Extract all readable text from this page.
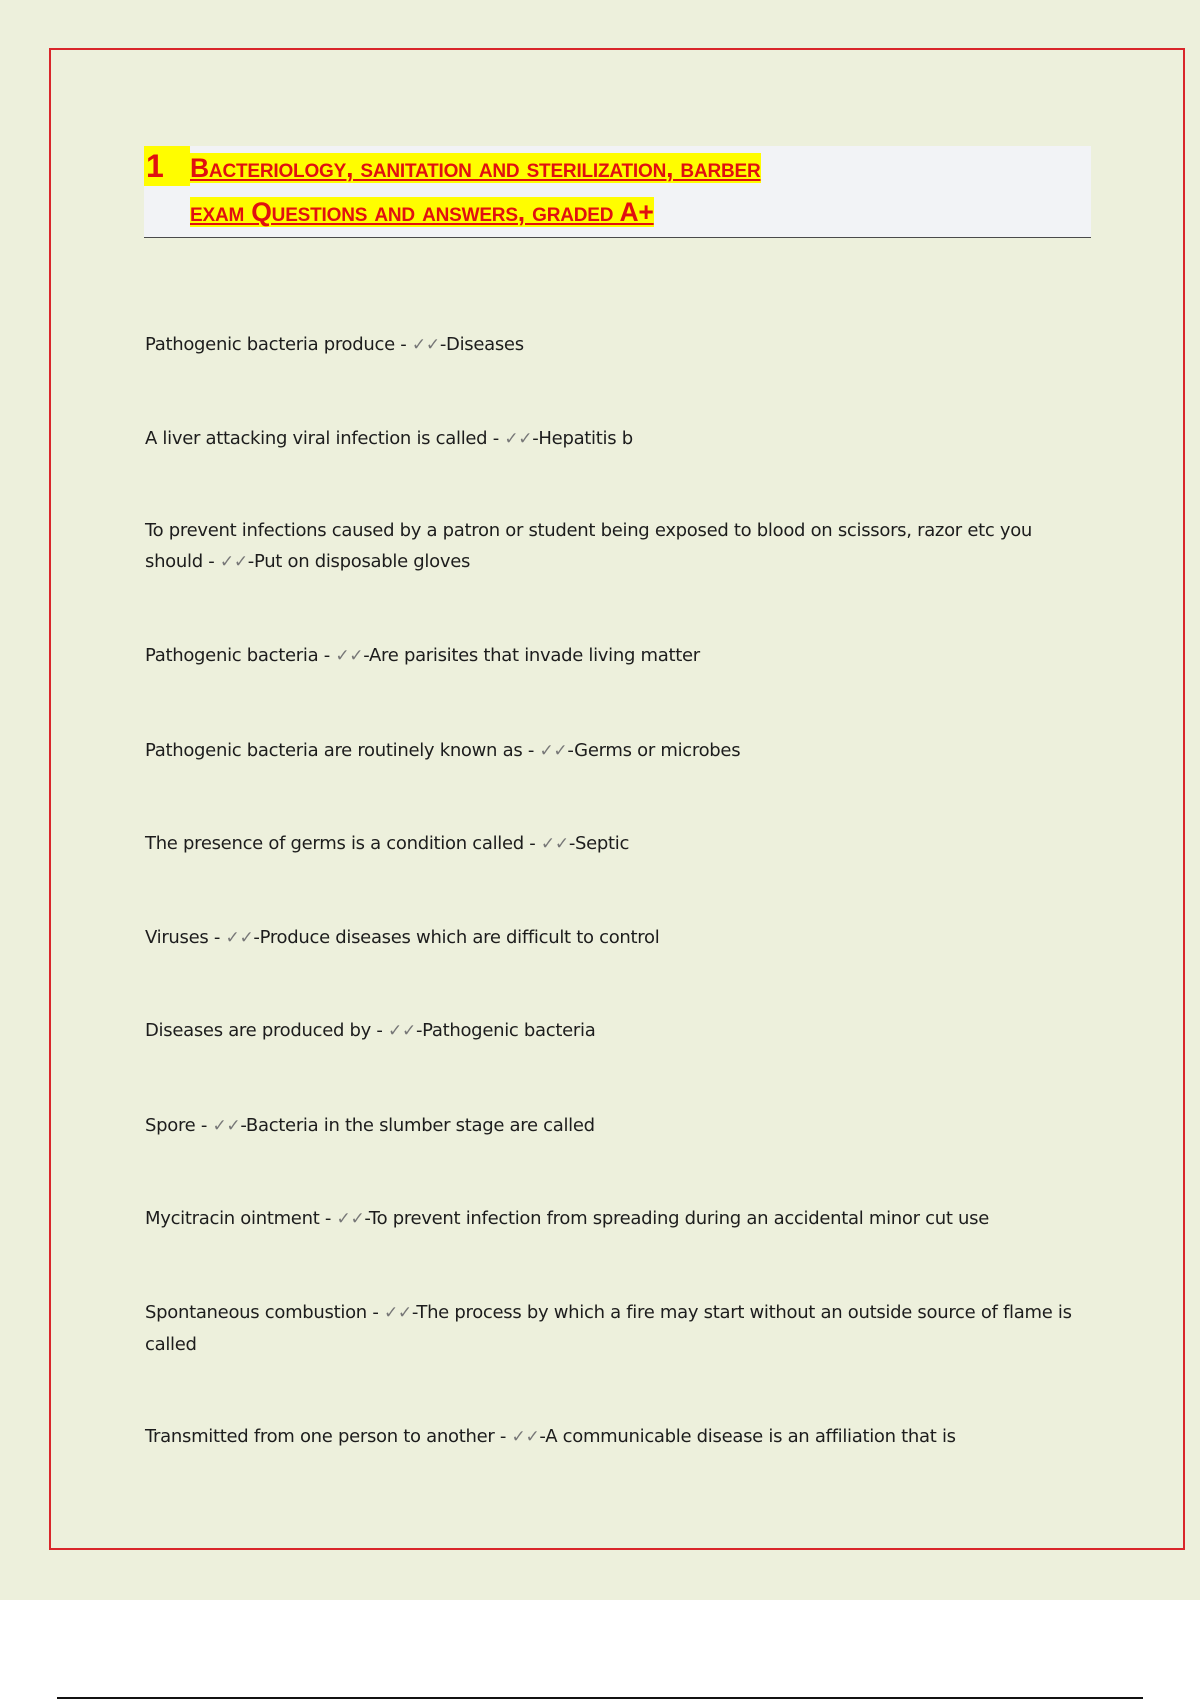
1 Bacteriology, sanitation and sterilization, barber
exam Questions and answers, graded A+
Pathogenic bacteria produce - ✓✓-Diseases
A liver attacking viral infection is called - ✓✓-Hepatitis b
To prevent infections caused by a patron or student being exposed to blood on scissors, razor etc you should - ✓✓-Put on disposable gloves
Pathogenic bacteria - ✓✓-Are parisites that invade living matter
Pathogenic bacteria are routinely known as - ✓✓-Germs or microbes
The presence of germs is a condition called - ✓✓-Septic
Viruses - ✓✓-Produce diseases which are difficult to control
Diseases are produced by - ✓✓-Pathogenic bacteria
Spore - ✓✓-Bacteria in the slumber stage are called
Mycitracin ointment - ✓✓-To prevent infection from spreading during an accidental minor cut use
Spontaneous combustion - ✓✓-The process by which a fire may start without an outside source of flame is called
Transmitted from one person to another - ✓✓-A communicable disease is an affiliation that is
